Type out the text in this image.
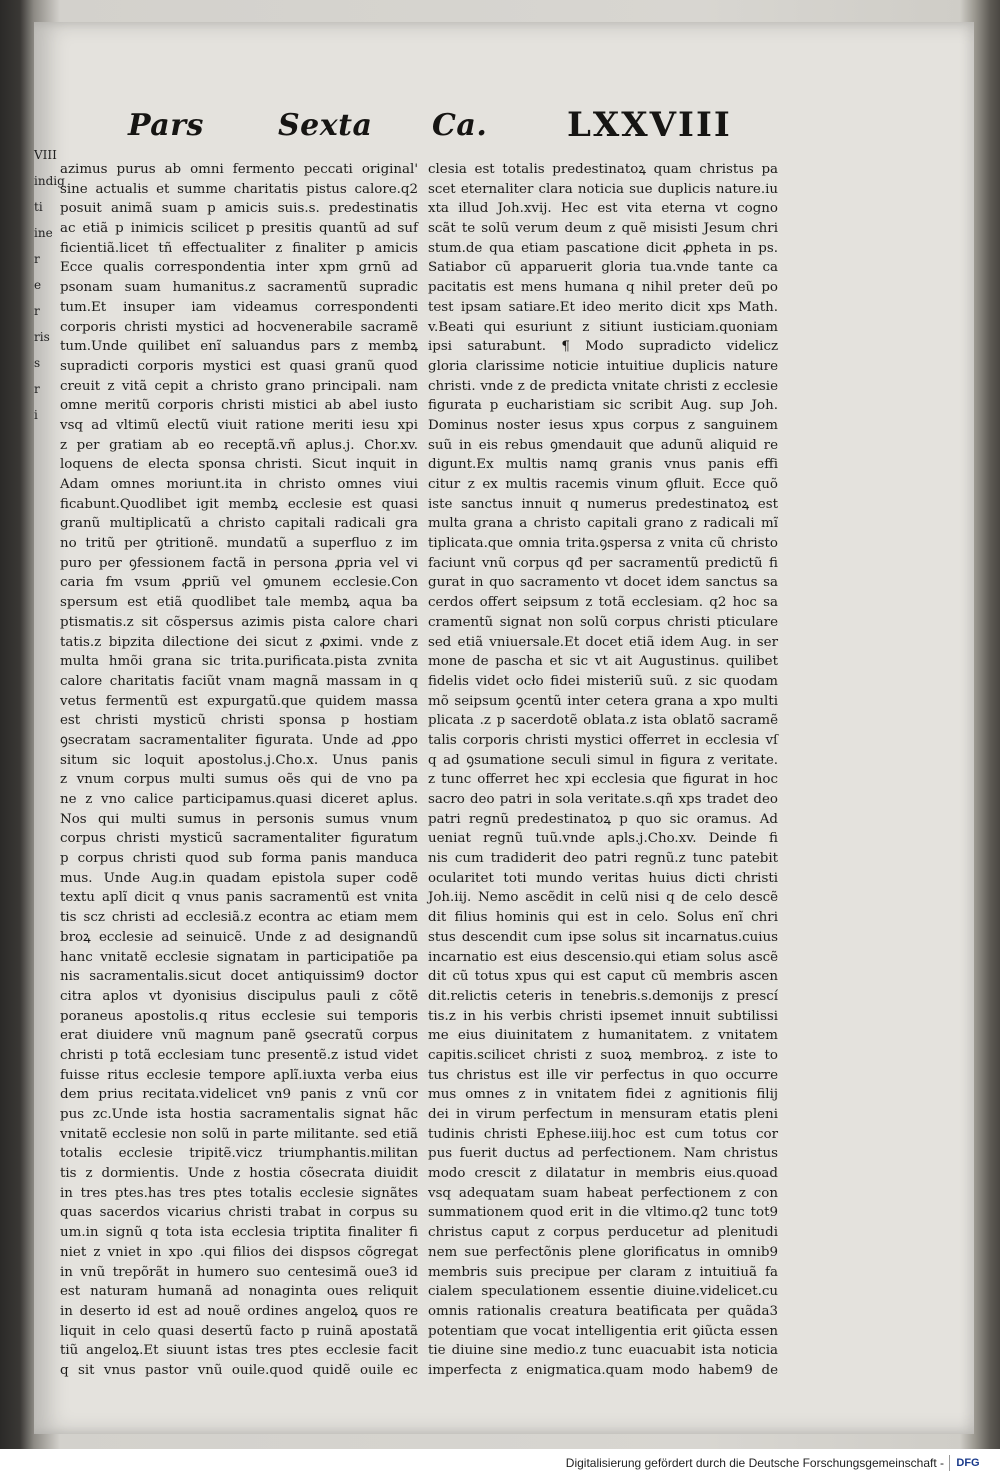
VIII
indig
ti
ine
r
e
r
ris
s
r
i
Pars Sexta Ca. LXXVIII
azimus purus ab omni fermento peccati original'
sine actualis et summe charitatis pistus calore.q2
posuit animã suam p amicis suis.s. predestinatis
ac etiã p inimicis scilicet p presitis quantũ ad suf
ficientiã.licet tñ effectualiter z finaliter p amicis
Ecce qualis correspondentia inter xpm grnũ ad
psonam suam humanitus.z sacramentũ supradic
tum.Et insuper iam videamus correspondenti
corporis christi mystici ad hocvenerabile sacramẽ
tum.Unde quilibet enĩ saluandus pars z membꝝ
supradicti corporis mystici est quasi granũ quod
creuit z vitã cepit a christo grano principali. nam
omne meritũ corporis christi mistici ab abel iusto
vsq ad vltimũ electũ viuit ratione meriti iesu xpi
z per gratiam ab eo receptã.vñ aplus.j. Chor.xv.
loquens de electa sponsa christi. Sicut inquit in
Adam omnes moriunt.ita in christo omnes viui
ficabunt.Quodlibet igit membꝝ ecclesie est quasi
granũ multiplicatũ a christo capitali radicali gra
no tritũ per ꝯtritionẽ. mundatũ a superfluo z im
puro per ꝯfessionem factã in persona ꝓpria vel vi
caria fm vsum ꝓpriũ vel ꝯmunem ecclesie.Con
spersum est etiã quodlibet tale membꝝ aqua ba
ptismatis.z sit cõspersus azimis pista calore chari
tatis.z bipzita dilectione dei sicut z ꝓximi. vnde z
multa hmõi grana sic trita.purificata.pista zvnita
calore charitatis faciũt vnam magnã massam in q
vetus fermentũ est expurgatũ.que quidem massa
est christi mysticũ christi sponsa p hostiam
ꝯsecratam sacramentaliter figurata. Unde ad ꝓpo
situm sic loquit apostolus.j.Cho.x. Unus panis
z vnum corpus multi sumus oẽs qui de vno pa
ne z vno calice participamus.quasi diceret aplus.
Nos qui multi sumus in personis sumus vnum
corpus christi mysticũ sacramentaliter figuratum
p corpus christi quod sub forma panis manduca
mus. Unde Aug.in quadam epistola super codẽ
textu aplĩ dicit q vnus panis sacramentũ est vnita
tis scz christi ad ecclesiã.z econtra ac etiam mem
broꝝ ecclesie ad seinuicẽ. Unde z ad designandũ
hanc vnitatẽ ecclesie signatam in participatiõe pa
nis sacramentalis.sicut docet antiquissim9 doctor
citra aplos vt dyonisius discipulus pauli z cõtẽ
poraneus apostolis.q ritus ecclesie sui temporis
erat diuidere vnũ magnum panẽ ꝯsecratũ corpus
christi p totã ecclesiam tunc presentẽ.z istud videt
fuisse ritus ecclesie tempore aplĩ.iuxta verba eius
dem prius recitata.videlicet vn9 panis z vnũ cor
pus zc.Unde ista hostia sacramentalis signat hãc
vnitatẽ ecclesie non solũ in parte militante. sed etiã
totalis ecclesie tripitẽ.vicz triumphantis.militan
tis z dormientis. Unde z hostia cõsecrata diuidit
in tres ptes.has tres ptes totalis ecclesie signãtes
quas sacerdos vicarius christi trabat in corpus su
um.in signũ q tota ista ecclesia triptita finaliter fi
niet z vniet in xpo .qui filios dei dispsos cõgregat
in vnũ trepõrãt in humero suo centesimã oue3 id
est naturam humanã ad nonaginta oues reliquit
in deserto id est ad nouẽ ordines angeloꝝ quos re
liquit in celo quasi desertũ facto p ruinã apostatã
tiũ angeloꝝ.Et siuunt istas tres ptes ecclesie facit
q sit vnus pastor vnũ ouile.quod quidẽ ouile ec
clesia est totalis predestinatoꝝ quam christus pa
scet eternaliter clara noticia sue duplicis nature.iu
xta illud Joh.xvij. Hec est vita eterna vt cogno
scãt te solũ verum deum z quẽ misisti Jesum chri
stum.de qua etiam pascatione dicit ꝓpheta in ps.
Satiabor cũ apparuerit gloria tua.vnde tante ca
pacitatis est mens humana q nihil preter deũ po
test ipsam satiare.Et ideo merito dicit xps Math.
v.Beati qui esuriunt z sitiunt iusticiam.quoniam
ipsi saturabunt. ¶ Modo supradicto videlicz
gloria clarissime noticie intuitiue duplicis nature
christi. vnde z de predicta vnitate christi z ecclesie
figurata p eucharistiam sic scribit Aug. sup Joh.
Dominus noster iesus xpus corpus z sanguinem
suũ in eis rebus ꝯmendauit que adunũ aliquid re
digunt.Ex multis namq granis vnus panis effi
citur z ex multis racemis vinum ꝯfluit. Ecce quõ
iste sanctus innuit q numerus predestinatoꝝ est
multa grana a christo capitali grano z radicali mĩ
tiplicata.que omnia trita.ꝯspersa z vnita cũ christo
faciunt vnũ corpus qđ per sacramentũ predictũ fi
gurat in quo sacramento vt docet idem sanctus sa
cerdos offert seipsum z totã ecclesiam. q2 hoc sa
cramentũ signat non solũ corpus christi pticulare
sed etiã vniuersale.Et docet etiã idem Aug. in ser
mone de pascha et sic vt ait Augustinus. quilibet
fidelis videt ocło fidei misteriũ suũ. z sic quodam
mõ seipsum ꝯcentũ inter cetera grana a xpo multi
plicata .z p sacerdotẽ oblata.z ista oblatõ sacramẽ
talis corporis christi mystici offerret in ecclesia vſ
q ad ꝯsumatione seculi simul in figura z veritate.
z tunc offerret hec xpi ecclesia que figurat in hoc
sacro deo patri in sola veritate.s.qñ xps tradet deo
patri regnũ predestinatoꝝ p quo sic oramus. Ad
ueniat regnũ tuũ.vnde apls.j.Cho.xv. Deinde fi
nis cum tradiderit deo patri regnũ.z tunc patebit
ocularitet toti mundo veritas huius dicti christi
Joh.iij. Nemo ascẽdit in celũ nisi q de celo descẽ
dit filius hominis qui est in celo. Solus enĩ chri
stus descendit cum ipse solus sit incarnatus.cuius
incarnatio est eius descensio.qui etiam solus ascẽ
dit cũ totus xpus qui est caput cũ membris ascen
dit.relictis ceteris in tenebris.s.demonijs z prescí
tis.z in his verbis christi ipsemet innuit subtilissi
me eius diuinitatem z humanitatem. z vnitatem
capitis.scilicet christi z suoꝝ membroꝝ. z iste to
tus christus est ille vir perfectus in quo occurre
mus omnes z in vnitatem fidei z agnitionis filij
dei in virum perfectum in mensuram etatis pleni
tudinis christi Ephese.iiij.hoc est cum totus cor
pus fuerit ductus ad perfectionem. Nam christus
modo crescit z dilatatur in membris eius.quoad
vsq adequatam suam habeat perfectionem z con
summationem quod erit in die vltimo.q2 tunc tot9
christus caput z corpus perducetur ad plenitudi
nem sue perfectõnis plene glorificatus in omnib9
membris suis precipue per claram z intuitiuã fa
cialem speculationem essentie diuine.videlicet.cu
omnis rationalis creatura beatificata per quãda3
potentiam que vocat intelligentia erit ꝯiũcta essen
tie diuine sine medio.z tunc euacuabit ista noticia
imperfecta z enigmatica.quam modo habem9 de
Digitalisierung gefördert durch die Deutsche Forschungsgemeinschaft -	DFG
